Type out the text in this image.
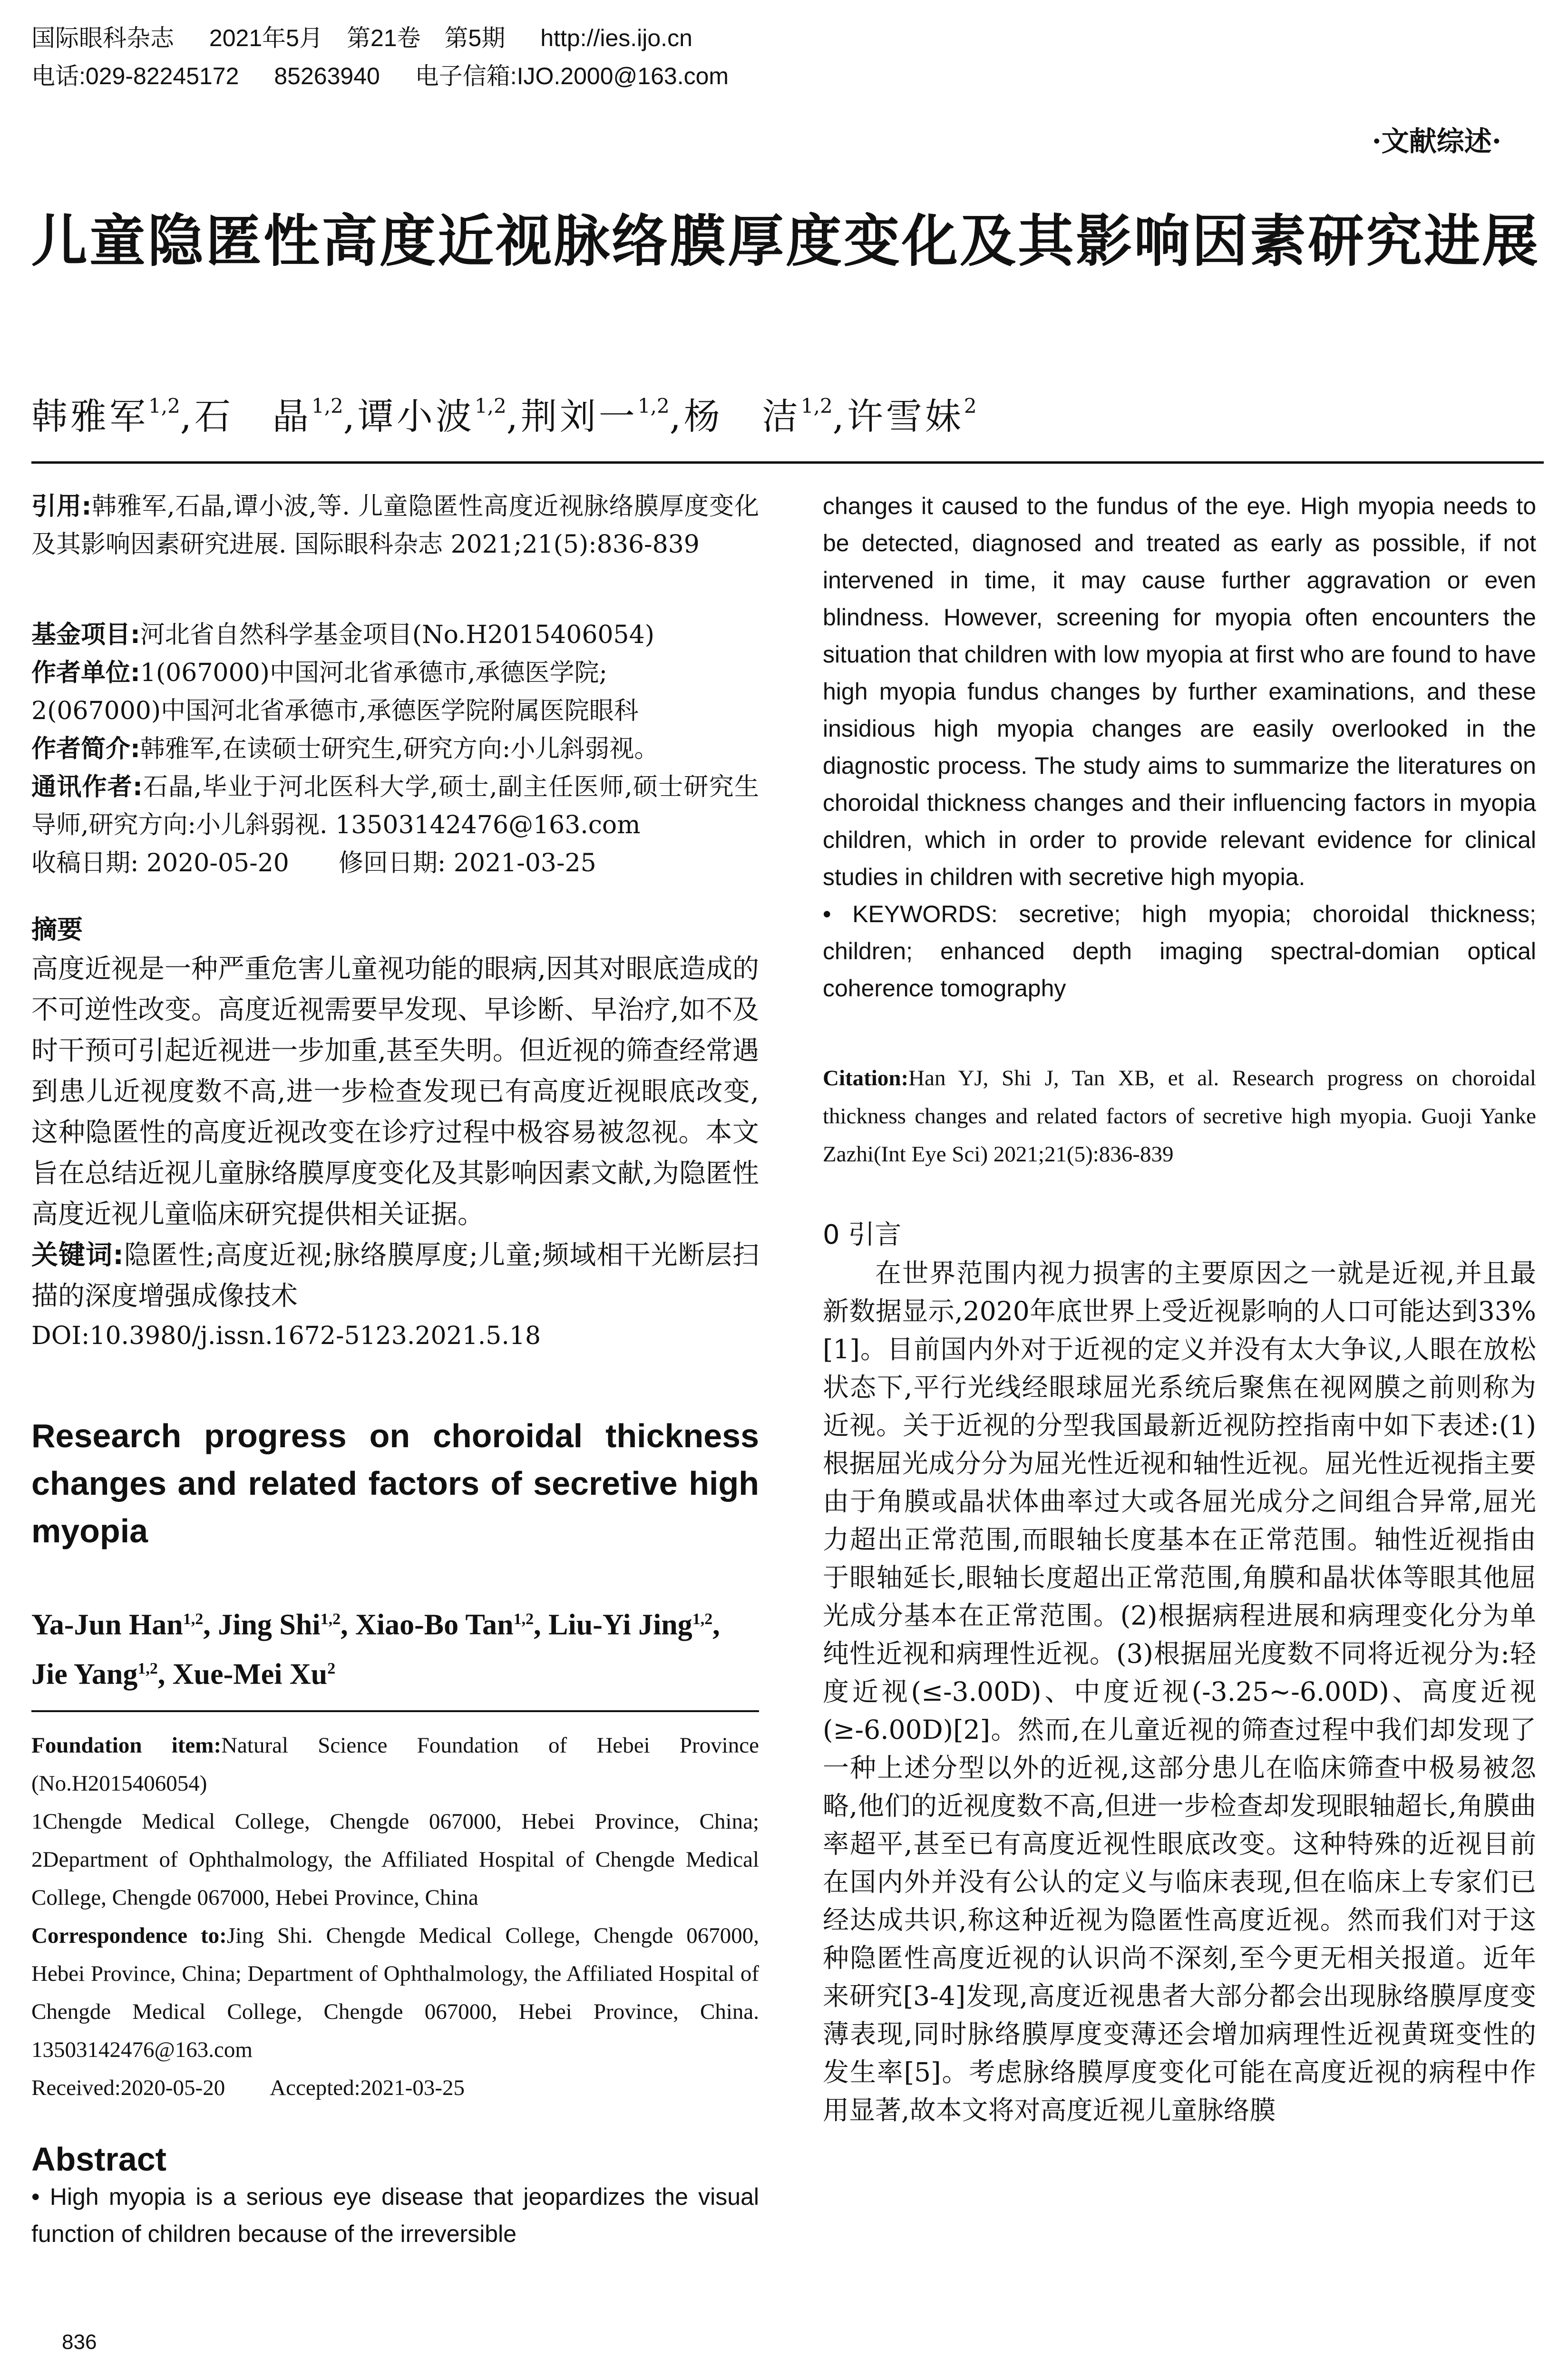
国际眼科杂志 2021年5月　第21卷　第5期 http://ies.ijo.cn
电话:029-82245172 85263940 电子信箱:IJO.2000@163.com
·文献综述·
儿童隐匿性高度近视脉络膜厚度变化及其影响因素研究进展
韩雅军$^{1,2}$,石　晶$^{1,2}$,谭小波$^{1,2}$,荆刘一$^{1,2}$,杨　洁$^{1,2}$,许雪妹$^2$

引用:韩雅军,石晶,谭小波,等. 儿童隐匿性高度近视脉络膜厚度变化及其影响因素研究进展. 国际眼科杂志 2021;21(5):836-839

基金项目:河北省自然科学基金项目(No.H2015406054)

作者单位:1(067000)中国河北省承德市,承德医学院;

2(067000)中国河北省承德市,承德医学院附属医院眼科

作者简介:韩雅军,在读硕士研究生,研究方向:小儿斜弱视。

通讯作者:石晶,毕业于河北医科大学,硕士,副主任医师,硕士研究生导师,研究方向:小儿斜弱视. 13503142476@163.com

收稿日期: 2020-05-20　　修回日期: 2021-03-25

摘要

高度近视是一种严重危害儿童视功能的眼病,因其对眼底造成的不可逆性改变。高度近视需要早发现、早诊断、早治疗,如不及时干预可引起近视进一步加重,甚至失明。但近视的筛查经常遇到患儿近视度数不高,进一步检查发现已有高度近视眼底改变,这种隐匿性的高度近视改变在诊疗过程中极容易被忽视。本文旨在总结近视儿童脉络膜厚度变化及其影响因素文献,为隐匿性高度近视儿童临床研究提供相关证据。

关键词:隐匿性;高度近视;脉络膜厚度;儿童;频域相干光断层扫描的深度增强成像技术

DOI:10.3980/j.issn.1672-5123.2021.5.18

Research progress on choroidal thickness changes and related factors of secretive high myopia

Ya-Jun Han$^{1,2}$, Jing Shi$^{1,2}$, Xiao-Bo Tan$^{1,2}$, Liu-Yi Jing$^{1,2}$, Jie Yang$^{1,2}$, Xue-Mei Xu$^2$

Foundation item:Natural Science Foundation of Hebei Province (No.H2015406054)

1Chengde Medical College, Chengde 067000, Hebei Province, China; 2Department of Ophthalmology, the Affiliated Hospital of Chengde Medical College, Chengde 067000, Hebei Province, China

Correspondence to:Jing Shi. Chengde Medical College, Chengde 067000, Hebei Province, China; Department of Ophthalmology, the Affiliated Hospital of Chengde Medical College, Chengde 067000, Hebei Province, China. 13503142476@163.com

Received:2020-05-20　　Accepted:2021-03-25

Abstract

• High myopia is a serious eye disease that jeopardizes the visual function of children because of the irreversible

changes it caused to the fundus of the eye. High myopia needs to be detected, diagnosed and treated as early as possible, if not intervened in time, it may cause further aggravation or even blindness. However, screening for myopia often encounters the situation that children with low myopia at first who are found to have high myopia fundus changes by further examinations, and these insidious high myopia changes are easily overlooked in the diagnostic process. The study aims to summarize the literatures on choroidal thickness changes and their influencing factors in myopia children, which in order to provide relevant evidence for clinical studies in children with secretive high myopia.

• KEYWORDS: secretive; high myopia; choroidal thickness; children; enhanced depth imaging spectral-domian optical coherence tomography

Citation:Han YJ, Shi J, Tan XB, et al. Research progress on choroidal thickness changes and related factors of secretive high myopia. Guoji Yanke Zazhi(Int Eye Sci) 2021;21(5):836-839

0 引言

在世界范围内视力损害的主要原因之一就是近视,并且最新数据显示,2020年底世界上受近视影响的人口可能达到33%[1]。目前国内外对于近视的定义并没有太大争议,人眼在放松状态下,平行光线经眼球屈光系统后聚焦在视网膜之前则称为近视。关于近视的分型我国最新近视防控指南中如下表述:(1)根据屈光成分分为屈光性近视和轴性近视。屈光性近视指主要由于角膜或晶状体曲率过大或各屈光成分之间组合异常,屈光力超出正常范围,而眼轴长度基本在正常范围。轴性近视指由于眼轴延长,眼轴长度超出正常范围,角膜和晶状体等眼其他屈光成分基本在正常范围。(2)根据病程进展和病理变化分为单纯性近视和病理性近视。(3)根据屈光度数不同将近视分为:轻度近视(≤-3.00D)、中度近视(-3.25~-6.00D)、高度近视(≥-6.00D)[2]。然而,在儿童近视的筛查过程中我们却发现了一种上述分型以外的近视,这部分患儿在临床筛查中极易被忽略,他们的近视度数不高,但进一步检查却发现眼轴超长,角膜曲率超平,甚至已有高度近视性眼底改变。这种特殊的近视目前在国内外并没有公认的定义与临床表现,但在临床上专家们已经达成共识,称这种近视为隐匿性高度近视。然而我们对于这种隐匿性高度近视的认识尚不深刻,至今更无相关报道。近年来研究[3-4]发现,高度近视患者大部分都会出现脉络膜厚度变薄表现,同时脉络膜厚度变薄还会增加病理性近视黄斑变性的发生率[5]。考虑脉络膜厚度变化可能在高度近视的病程中作用显著,故本文将对高度近视儿童脉络膜

836
